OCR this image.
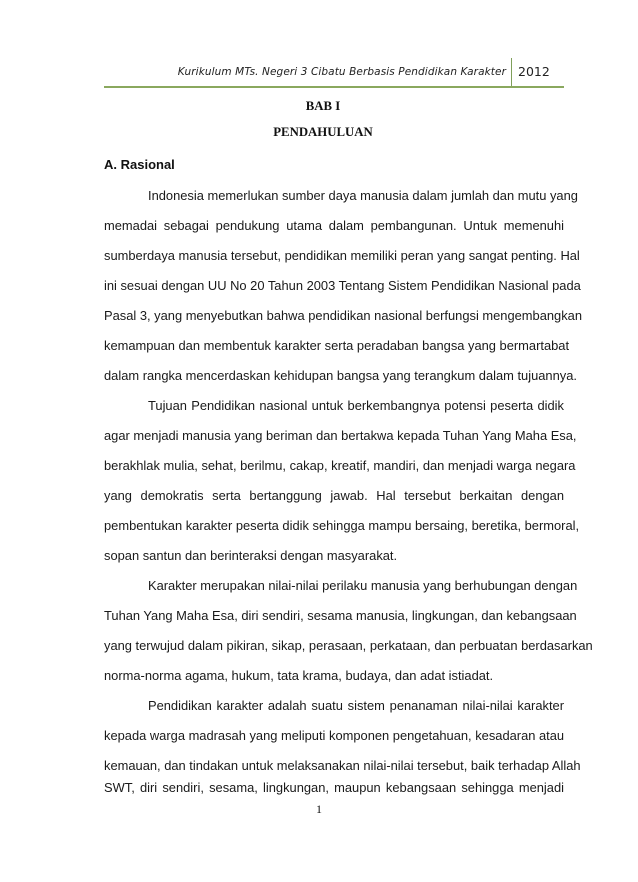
Kurikulum MTs. Negeri 3 Cibatu Berbasis Pendidikan Karakter 2012
BAB I
PENDAHULUAN
A. Rasional
Indonesia memerlukan sumber daya manusia dalam jumlah dan mutu yang
memadai sebagai pendukung utama dalam pembangunan. Untuk memenuhi
sumberdaya manusia tersebut, pendidikan memiliki peran yang sangat penting. Hal
ini sesuai dengan UU No 20 Tahun 2003 Tentang Sistem Pendidikan Nasional pada
Pasal 3, yang menyebutkan bahwa pendidikan nasional berfungsi mengembangkan
kemampuan dan membentuk karakter serta peradaban bangsa yang bermartabat
dalam rangka mencerdaskan kehidupan bangsa yang terangkum dalam tujuannya.
Tujuan Pendidikan nasional untuk berkembangnya potensi peserta didik
agar menjadi manusia yang beriman dan bertakwa kepada Tuhan Yang Maha Esa,
berakhlak mulia, sehat, berilmu, cakap, kreatif, mandiri, dan menjadi warga negara
yang demokratis serta bertanggung jawab. Hal tersebut berkaitan dengan
pembentukan karakter peserta didik sehingga mampu bersaing, beretika, bermoral,
sopan santun dan berinteraksi dengan masyarakat.
Karakter merupakan nilai-nilai perilaku manusia yang berhubungan dengan
Tuhan Yang Maha Esa, diri sendiri, sesama manusia, lingkungan, dan kebangsaan
yang terwujud dalam pikiran, sikap, perasaan, perkataan, dan perbuatan berdasarkan
norma-norma agama, hukum, tata krama, budaya, dan adat istiadat.
Pendidikan karakter adalah suatu sistem penanaman nilai-nilai karakter
kepada warga madrasah yang meliputi komponen pengetahuan, kesadaran atau
kemauan, dan tindakan untuk melaksanakan nilai-nilai tersebut, baik terhadap Allah
SWT, diri sendiri, sesama, lingkungan, maupun kebangsaan sehingga menjadi
1
